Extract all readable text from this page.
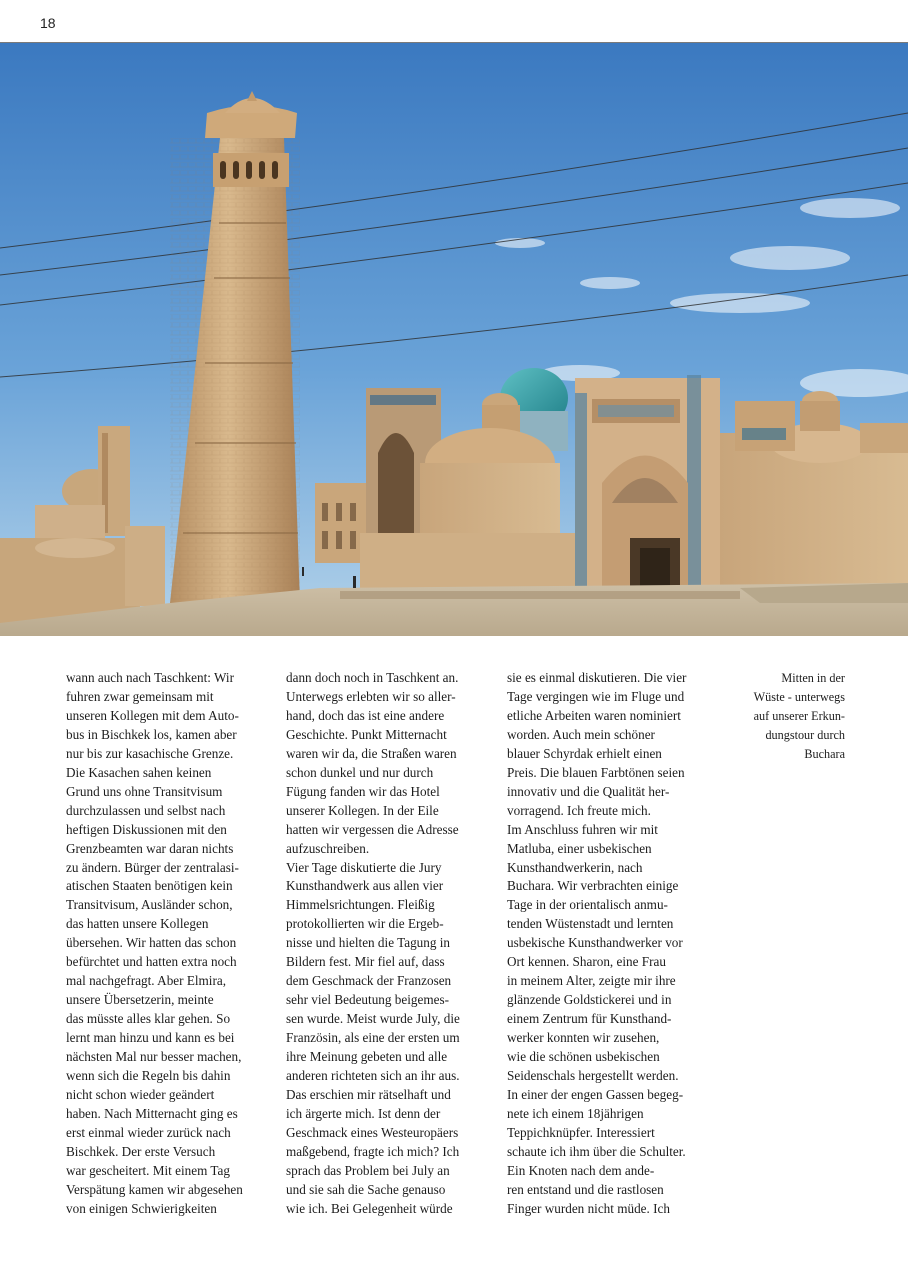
18
wann auch nach Taschkent: Wir
fuhren zwar gemeinsam mit
unseren Kollegen mit dem Auto-
bus in Bischkek los, kamen aber
nur bis zur kasachische Grenze.
Die Kasachen sahen keinen
Grund uns ohne Transitvisum
durchzulassen und selbst nach
heftigen Diskussionen mit den
Grenzbeamten war daran nichts
zu ändern. Bürger der zentralasi-
atischen Staaten benötigen kein
Transitvisum, Ausländer schon,
das hatten unsere Kollegen
übersehen. Wir hatten das schon
befürchtet und hatten extra noch
mal nachgefragt. Aber Elmira,
unsere Übersetzerin, meinte
das müsste alles klar gehen. So
lernt man hinzu und kann es bei
nächsten Mal nur besser machen,
wenn sich die Regeln bis dahin
nicht schon wieder geändert
haben. Nach Mitternacht ging es
erst einmal wieder zurück nach
Bischkek. Der erste Versuch
war gescheitert. Mit einem Tag
Verspätung kamen wir abgesehen
von einigen Schwierigkeiten
dann doch noch in Taschkent an.
Unterwegs erlebten wir so aller-
hand, doch das ist eine andere
Geschichte. Punkt Mitternacht
waren wir da, die Straßen waren
schon dunkel und nur durch
Fügung fanden wir das Hotel
unserer Kollegen. In der Eile
hatten wir vergessen die Adresse
aufzuschreiben.
Vier Tage diskutierte die Jury
Kunsthandwerk aus allen vier
Himmelsrichtungen. Fleißig
protokollierten wir die Ergeb-
nisse und hielten die Tagung in
Bildern fest. Mir fiel auf, dass
dem Geschmack der Franzosen
sehr viel Bedeutung beigemes-
sen wurde. Meist wurde July, die
Französin, als eine der ersten um
ihre Meinung gebeten und alle
anderen richteten sich an ihr aus.
Das erschien mir rätselhaft und
ich ärgerte mich. Ist denn der
Geschmack eines Westeuropäers
maßgebend, fragte ich mich? Ich
sprach das Problem bei July an
und sie sah die Sache genauso
wie ich. Bei Gelegenheit würde
sie es einmal diskutieren. Die vier
Tage vergingen wie im Fluge und
etliche Arbeiten waren nominiert
worden. Auch mein schöner
blauer Schyrdak erhielt einen
Preis. Die blauen Farbtönen seien
innovativ und die Qualität her-
vorragend. Ich freute mich.
Im Anschluss fuhren wir mit
Matluba, einer usbekischen
Kunsthandwerkerin, nach
Buchara. Wir verbrachten einige
Tage in der orientalisch anmu-
tenden Wüstenstadt und lernten
usbekische Kunsthandwerker vor
Ort kennen. Sharon, eine Frau
in meinem Alter, zeigte mir ihre
glänzende Goldstickerei und in
einem Zentrum für Kunsthand-
werker konnten wir zusehen,
wie die schönen usbekischen
Seidenschals hergestellt werden.
In einer der engen Gassen begeg-
nete ich einem 18jährigen
Teppichknüpfer. Interessiert
schaute ich ihm über die Schulter.
Ein Knoten nach dem ande-
ren entstand und die rastlosen
Finger wurden nicht müde. Ich
Mitten in der
Wüste - unterwegs
auf unserer Erkun-
dungstour durch
Buchara
